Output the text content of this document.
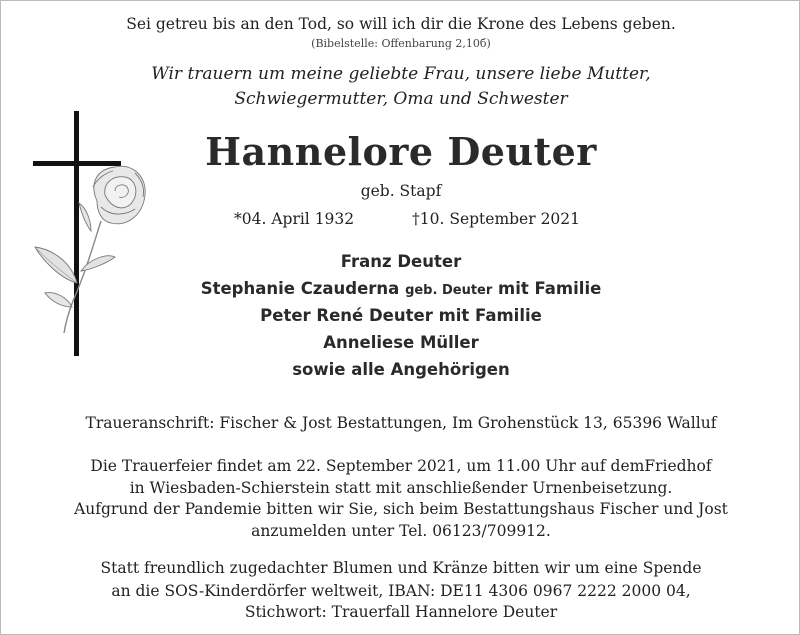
Sei getreu bis an den Tod, so will ich dir die Krone des Lebens geben.
(Bibelstelle: Offenbarung 2,10б)
Wir trauern um meine geliebte Frau, unsere liebe Mutter,
Schwiegermutter, Oma und Schwester
Hannelore Deuter
geb. Stapf
*04. April 1932	†10. September 2021
Franz Deuter
Stephanie Czauderna geb. Deuter mit Familie
Peter René Deuter mit Familie
Anneliese Müller
sowie alle Angehörigen
Traueranschrift: Fischer & Jost Bestattungen, Im Grohenstück 13, 65396 Walluf
Die Trauerfeier findet am 22. September 2021, um 11.00 Uhr auf demFriedhof
in Wiesbaden-Schierstein statt mit anschließender Urnenbeisetzung.
Aufgrund der Pandemie bitten wir Sie, sich beim Bestattungshaus Fischer und Jost
anzumelden unter Tel. 06123/709912.
Statt freundlich zugedachter Blumen und Kränze bitten wir um eine Spende
an die SOS-Kinderdörfer weltweit, IBAN: DE11 4306 0967 2222 2000 04,
Stichwort: Trauerfall Hannelore Deuter
